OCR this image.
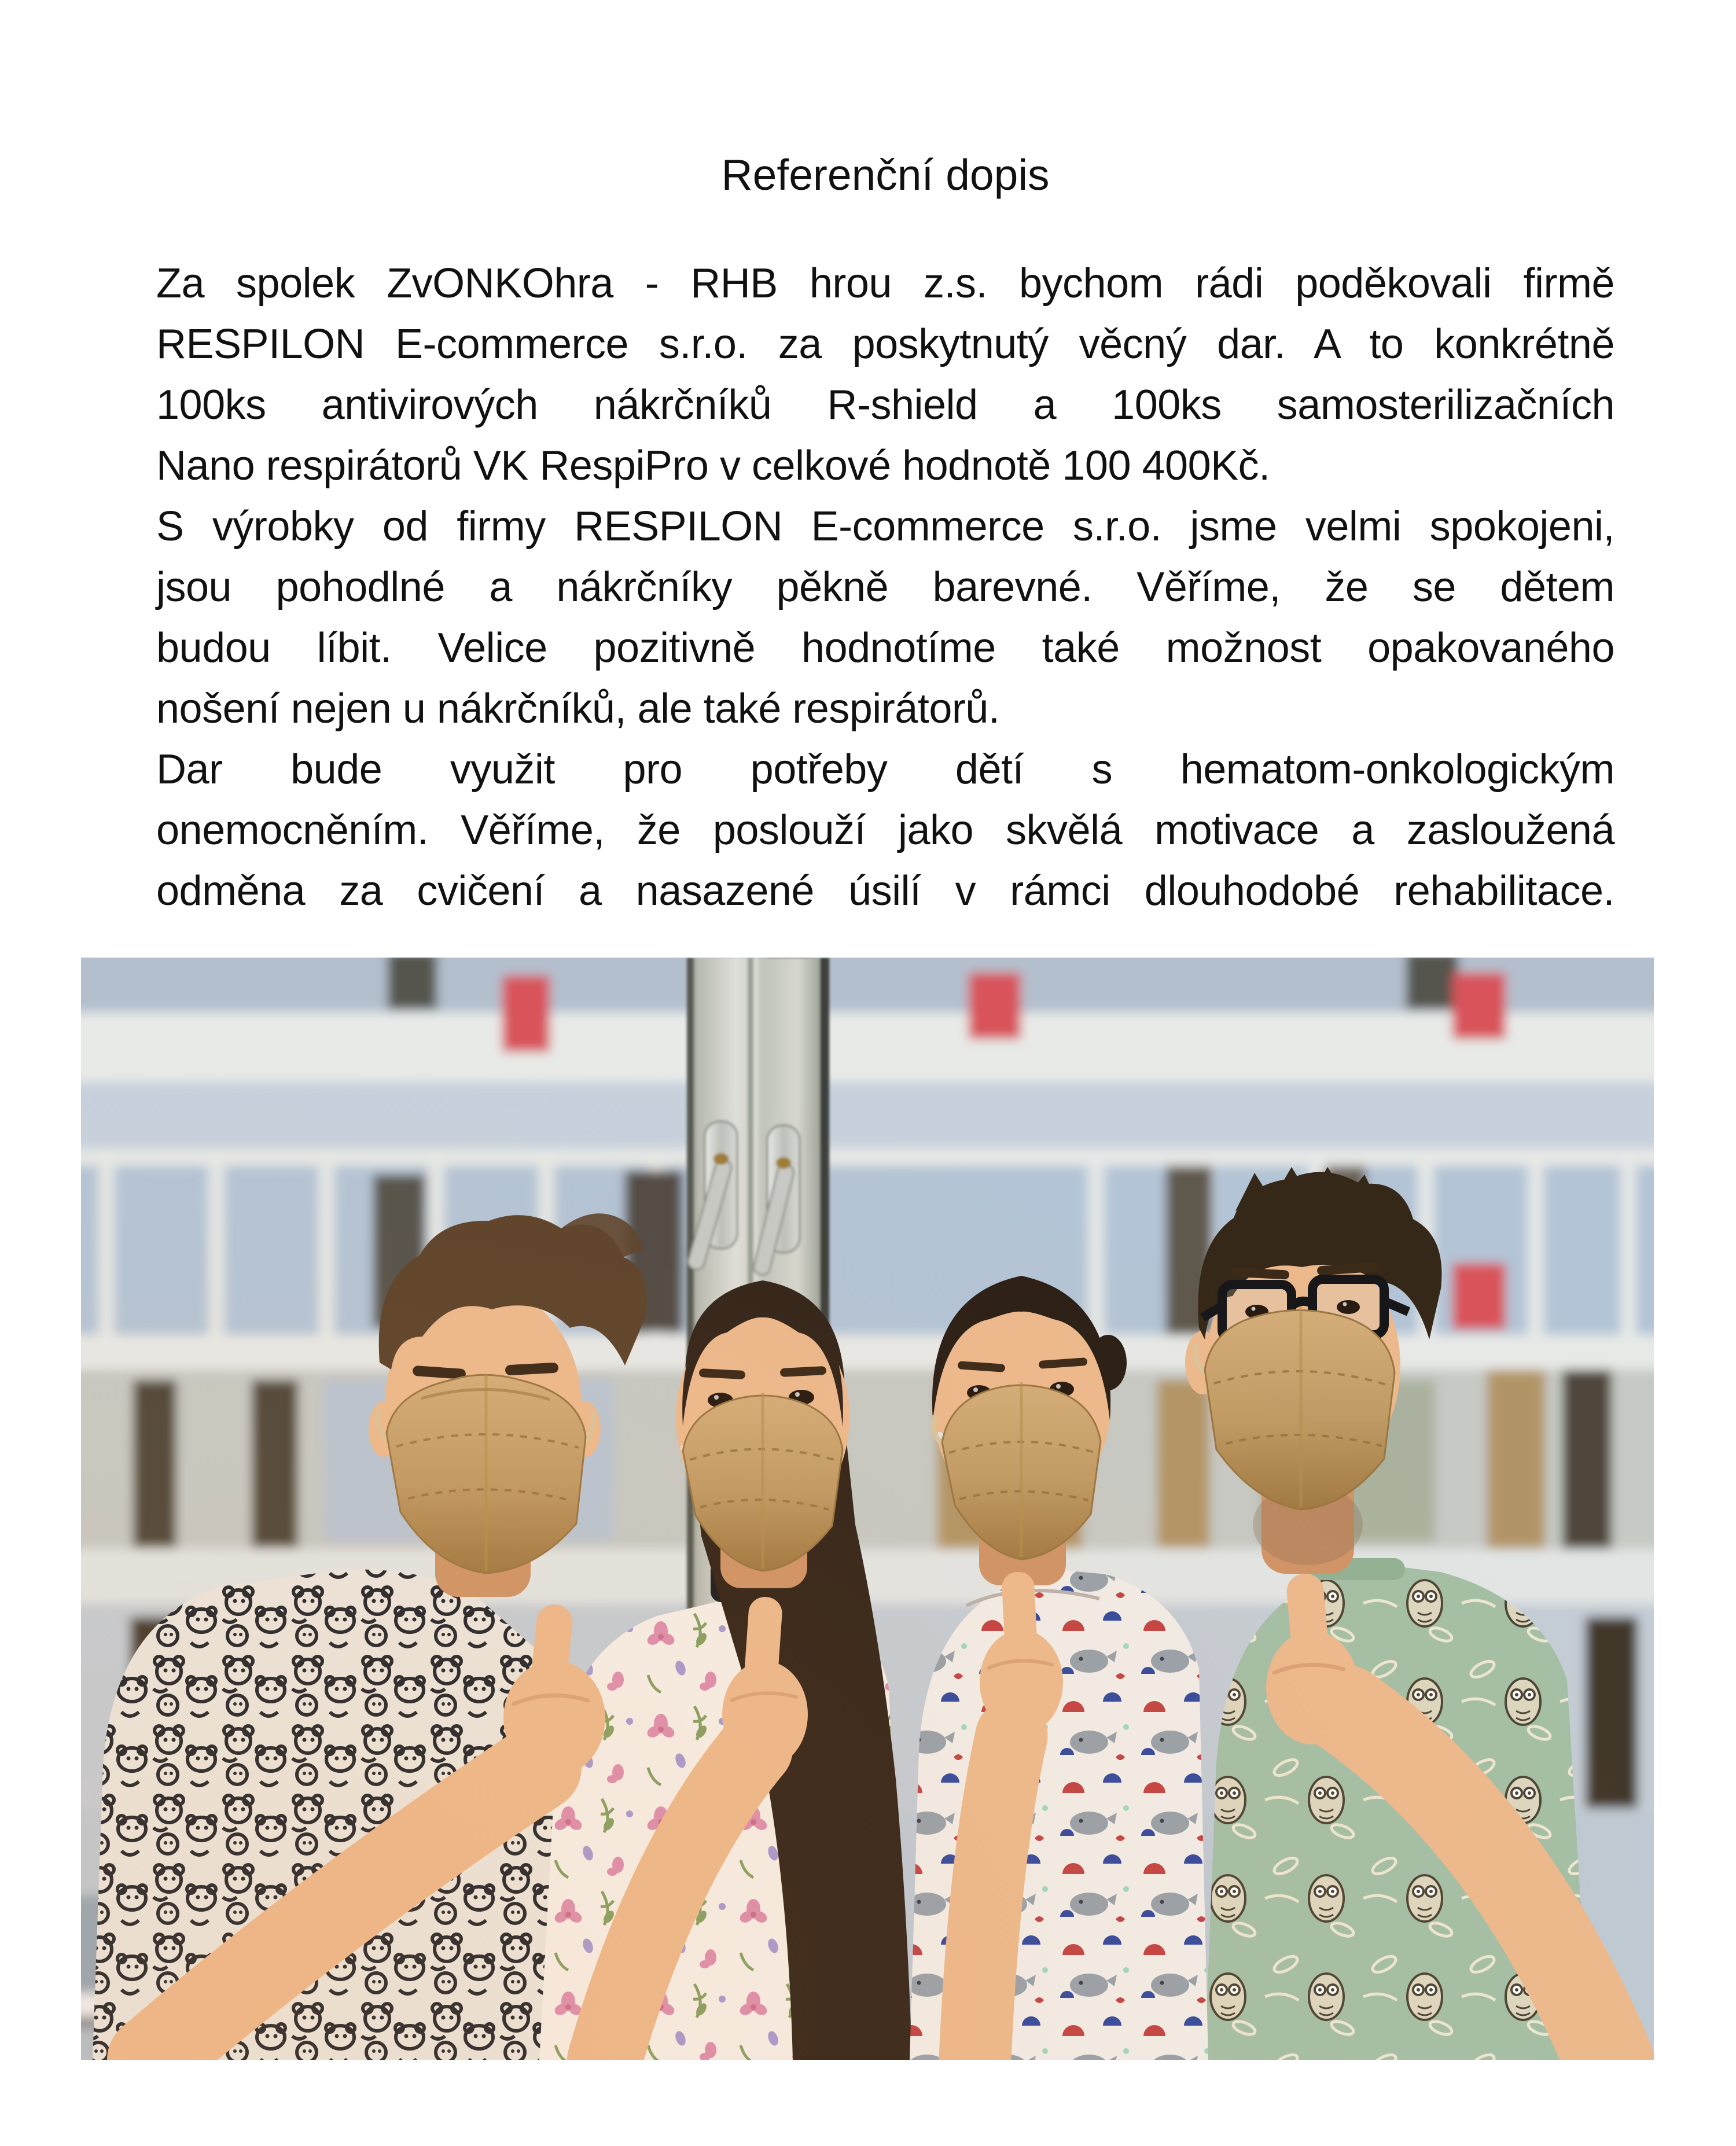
Referenční dopis
Za spolek ZvONKOhra - RHB hrou z.s. bychom rádi poděkovali firmě
RESPILON E-commerce s.r.o. za poskytnutý věcný dar. A to konkrétně
100ks antivirových nákrčníků R-shield a 100ks samosterilizačních
Nano respirátorů VK RespiPro v celkové hodnotě 100 400Kč.
S výrobky od firmy RESPILON E-commerce s.r.o. jsme velmi spokojeni,
jsou pohodlné a nákrčníky pěkně barevné. Věříme, že se dětem
budou líbit. Velice pozitivně hodnotíme také možnost opakovaného
nošení nejen u nákrčníků, ale také respirátorů.
Dar bude využit pro potřeby dětí s hematom-onkologickým
onemocněním. Věříme, že poslouží jako skvělá motivace a zasloužená
odměna za cvičení a nasazené úsilí v rámci dlouhodobé rehabilitace.
